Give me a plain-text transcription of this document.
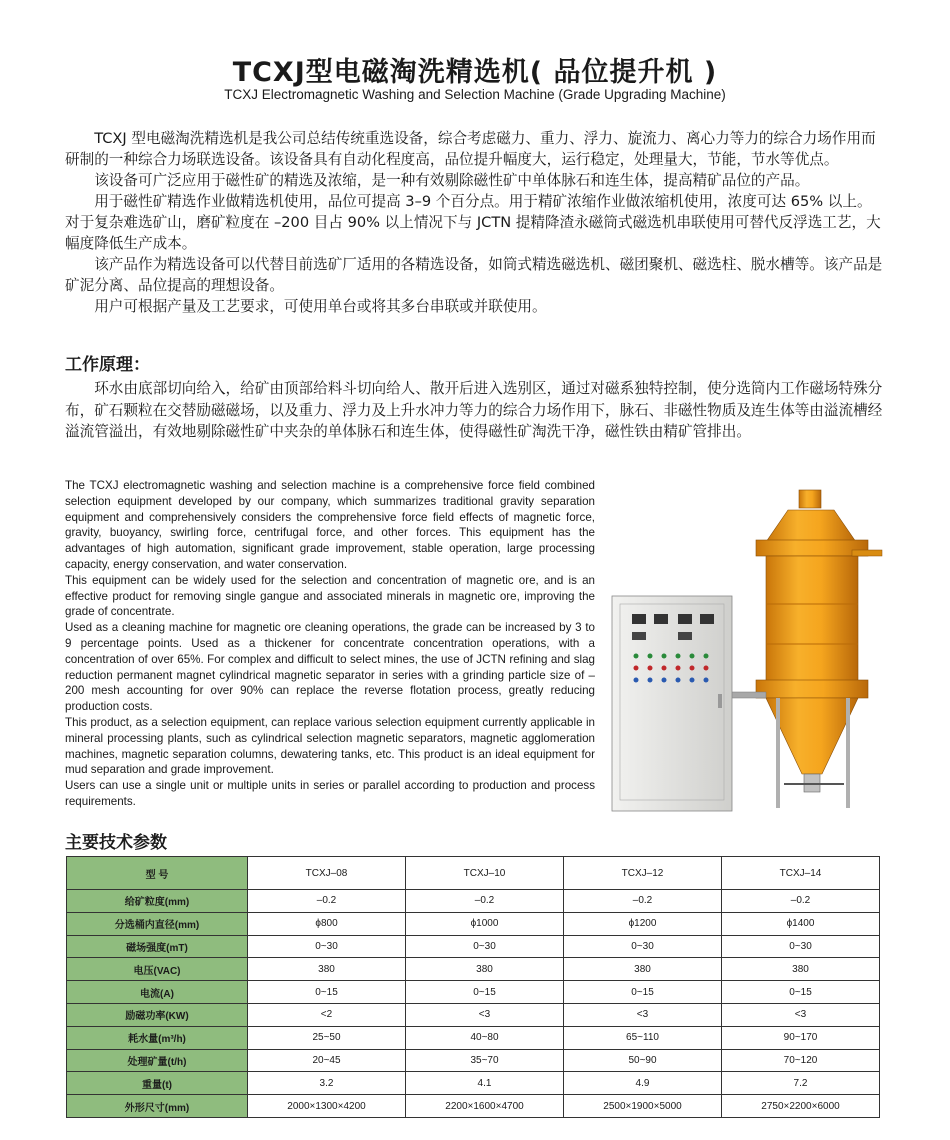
TCXJ型电磁淘洗精选机( 品位提升机 )
TCXJ Electromagnetic Washing and Selection Machine (Grade Upgrading Machine)

TCXJ 型电磁淘洗精选机是我公司总结传统重选设备，综合考虑磁力、重力、浮力、旋流力、离心力等力的综合力场作用而研制的一种综合力场联选设备。该设备具有自动化程度高，品位提升幅度大，运行稳定，处理量大，节能，节水等优点。

该设备可广泛应用于磁性矿的精选及浓缩，是一种有效剔除磁性矿中单体脉石和连生体，提高精矿品位的产品。

用于磁性矿精选作业做精选机使用，品位可提高 3–9 个百分点。用于精矿浓缩作业做浓缩机使用，浓度可达 65% 以上。对于复杂难选矿山，磨矿粒度在 –200 目占 90% 以上情况下与 JCTN 提精降渣永磁筒式磁选机串联使用可替代反浮选工艺，大幅度降低生产成本。

该产品作为精选设备可以代替目前选矿厂适用的各精选设备，如筒式精选磁选机、磁团聚机、磁选柱、脱水槽等。该产品是矿泥分离、品位提高的理想设备。

用户可根据产量及工艺要求，可使用单台或将其多台串联或并联使用。

工作原理：

环水由底部切向给入，给矿由顶部给料斗切向给人、散开后进入选别区，通过对磁系独特控制，使分选筒内工作磁场特殊分布，矿石颗粒在交替励磁磁场，以及重力、浮力及上升水冲力等力的综合力场作用下，脉石、非磁性物质及连生体等由溢流槽经溢流管溢出，有效地剔除磁性矿中夹杂的单体脉石和连生体，使得磁性矿淘洗干净，磁性铁由精矿管排出。

The TCXJ electromagnetic washing and selection machine is a comprehensive force field combined selection equipment developed by our company, which summarizes traditional gravity separation equipment and comprehensively considers the comprehensive force field effects of magnetic force, gravity, buoyancy, swirling force, centrifugal force, and other forces. This equipment has the advantages of high automation, significant grade improvement, stable operation, large processing capacity, energy conservation, and water conservation.

This equipment can be widely used for the selection and concentration of magnetic ore, and is an effective product for removing single gangue and associated minerals in magnetic ore, improving the grade of concentrate.

Used as a cleaning machine for magnetic ore cleaning operations, the grade can be increased by 3 to 9 percentage points. Used as a thickener for concentrate concentration operations, with a concentration of over 65%. For complex and difficult to select mines, the use of JCTN refining and slag reduction permanent magnet cylindrical magnetic separator in series with a grinding particle size of –200 mesh accounting for over 90% can replace the reverse flotation process, greatly reducing production costs.

This product, as a selection equipment, can replace various selection equipment currently applicable in mineral processing plants, such as cylindrical selection magnetic separators, magnetic agglomeration machines, magnetic separation columns, dewatering tanks, etc. This product is an ideal equipment for mud separation and grade improvement.

Users can use a single unit or multiple units in series or parallel according to production and process requirements.

主要技术参数
型 号	TCXJ–08	TCXJ–10	TCXJ–12	TCXJ–14
给矿粒度(mm)	–0.2	–0.2	–0.2	–0.2
分选桶内直径(mm)	ϕ800	ϕ1000	ϕ1200	ϕ1400
磁场强度(mT)	0~30	0~30	0~30	0~30
电压(VAC)	380	380	380	380
电流(A)	0~15	0~15	0~15	0~15
励磁功率(KW)	<2	<3	<3	<3
耗水量(m³/h)	25~50	40~80	65~110	90~170
处理矿量(t/h)	20~45	35~70	50~90	70~120
重量(t)	3.2	4.1	4.9	7.2
外形尺寸(mm)	2000×1300×4200	2200×1600×4700	2500×1900×5000	2750×2200×6000
